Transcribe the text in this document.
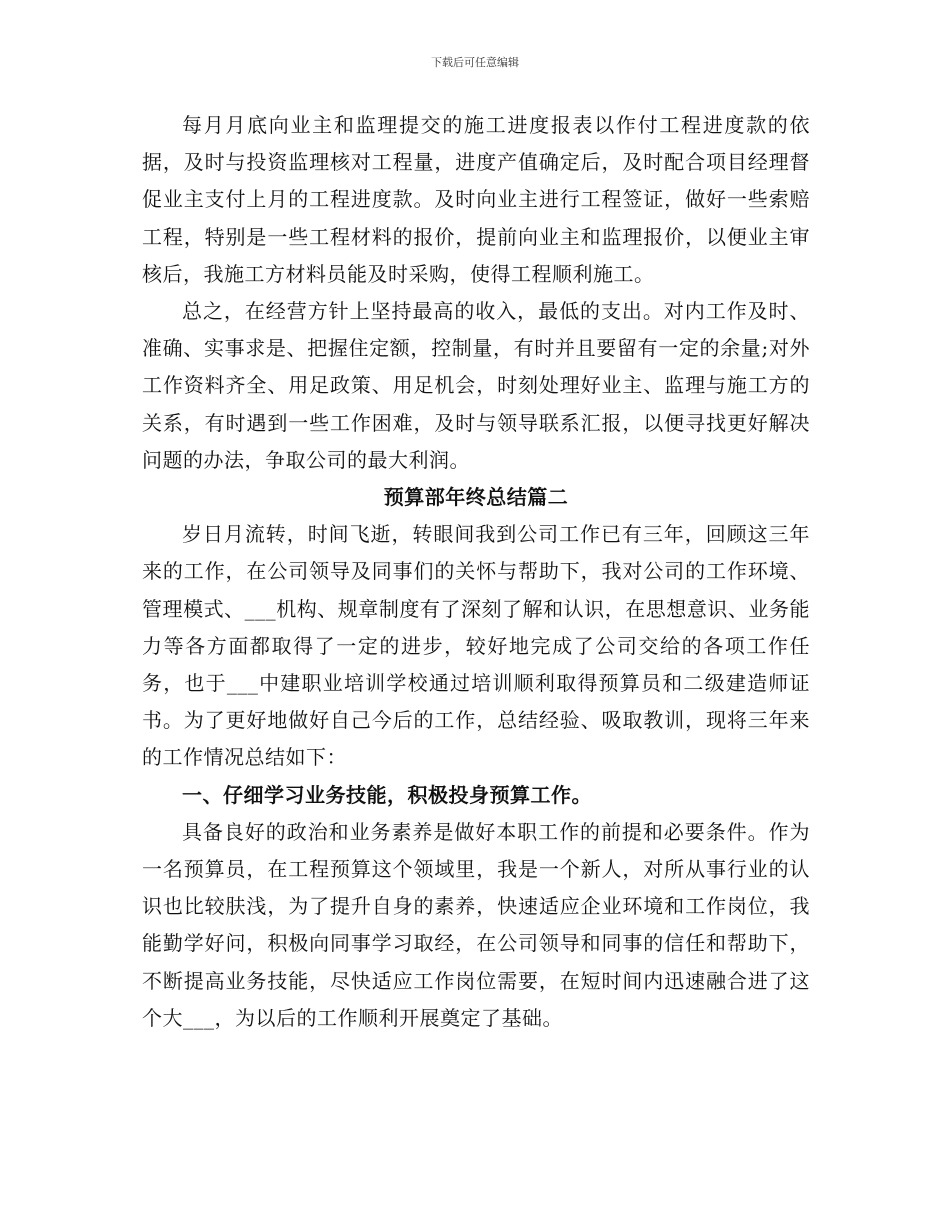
下载后可任意编辑

每月月底向业主和监理提交的施工进度报表以作付工程进度款的依据，及时与投资监理核对工程量，进度产值确定后，及时配合项目经理督促业主支付上月的工程进度款。及时向业主进行工程签证，做好一些索赔工程，特别是一些工程材料的报价，提前向业主和监理报价，以便业主审核后，我施工方材料员能及时采购，使得工程顺利施工。

总之，在经营方针上坚持最高的收入，最低的支出。对内工作及时、准确、实事求是、把握住定额，控制量，有时并且要留有一定的余量;对外工作资料齐全、用足政策、用足机会，时刻处理好业主、监理与施工方的关系，有时遇到一些工作困难，及时与领导联系汇报，以便寻找更好解决问题的办法，争取公司的最大利润。

预算部年终总结篇二

岁日月流转，时间飞逝，转眼间我到公司工作已有三年，回顾这三年来的工作，在公司领导及同事们的关怀与帮助下，我对公司的工作环境、管理模式、___机构、规章制度有了深刻了解和认识，在思想意识、业务能力等各方面都取得了一定的进步，较好地完成了公司交给的各项工作任务，也于___中建职业培训学校通过培训顺利取得预算员和二级建造师证书。为了更好地做好自己今后的工作，总结经验、吸取教训，现将三年来的工作情况总结如下：

一、仔细学习业务技能，积极投身预算工作。

具备良好的政治和业务素养是做好本职工作的前提和必要条件。作为一名预算员，在工程预算这个领域里，我是一个新人，对所从事行业的认识也比较肤浅，为了提升自身的素养，快速适应企业环境和工作岗位，我能勤学好问，积极向同事学习取经，在公司领导和同事的信任和帮助下，不断提高业务技能，尽快适应工作岗位需要，在短时间内迅速融合进了这个大___，为以后的工作顺利开展奠定了基础。
